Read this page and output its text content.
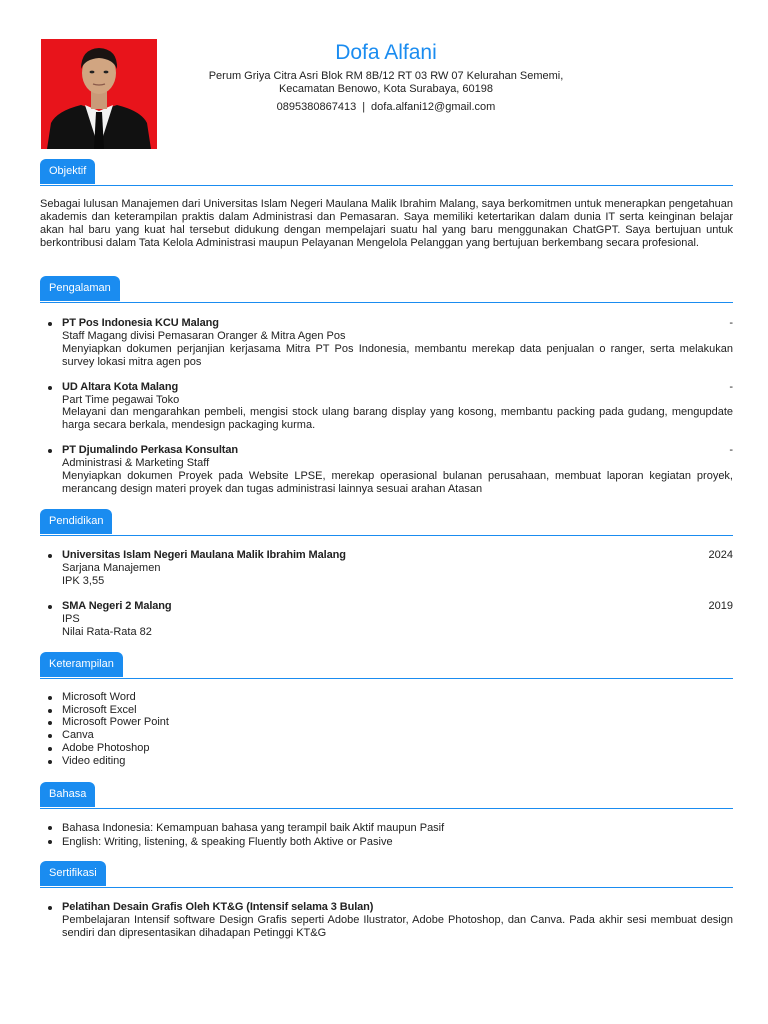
Dofa Alfani

Perum Griya Citra Asri Blok RM 8B/12 RT 03 RW 07 Kelurahan Sememi,

Kecamatan Benowo, Kota Surabaya, 60198

0895380867413 | dofa.alfani12@gmail.com
Objektif

Sebagai lulusan Manajemen dari Universitas Islam Negeri Maulana Malik Ibrahim Malang, saya berkomitmen untuk menerapkan pengetahuan akademis dan keterampilan praktis dalam Administrasi dan Pemasaran. Saya memiliki ketertarikan dalam dunia IT serta keinginan belajar akan hal baru yang kuat hal tersebut didukung dengan mempelajari suatu hal yang baru menggunakan ChatGPT. Saya bertujuan untuk berkontribusi dalam Tata Kelola Administrasi maupun Pelayanan Mengelola Pelanggan yang bertujuan berkembang secara profesional.

Pengalaman
PT Pos Indonesia KCU Malang	-
Staff Magang divisi Pemasaran Oranger & Mitra Agen Pos
Menyiapkan dokumen perjanjian kerjasama Mitra PT Pos Indonesia, membantu merekap data penjualan o ranger, serta melakukan survey lokasi mitra agen pos
UD Altara Kota Malang	-
Part Time pegawai Toko
Melayani dan mengarahkan pembeli, mengisi stock ulang barang display yang kosong, membantu packing pada gudang, mengupdate harga secara berkala, mendesign packaging kurma.
PT Djumalindo Perkasa Konsultan	-
Administrasi & Marketing Staff
Menyiapkan dokumen Proyek pada Website LPSE, merekap operasional bulanan perusahaan, membuat laporan kegiatan proyek, merancang design materi proyek dan tugas administrasi lainnya sesuai arahan Atasan
Pendidikan
Universitas Islam Negeri Maulana Malik Ibrahim Malang	2024
Sarjana Manajemen
IPK 3,55
SMA Negeri 2 Malang	2019
IPS
Nilai Rata-Rata 82
Keterampilan
Microsoft Word
Microsoft Excel
Microsoft Power Point
Canva
Adobe Photoshop
Video editing
Bahasa
Bahasa Indonesia: Kemampuan bahasa yang terampil baik Aktif maupun Pasif
English: Writing, listening, & speaking Fluently both Aktive or Pasive
Sertifikasi
Pelatihan Desain Grafis Oleh KT&G (Intensif selama 3 Bulan)
Pembelajaran Intensif software Design Grafis seperti Adobe Ilustrator, Adobe Photoshop, dan Canva. Pada akhir sesi membuat design sendiri dan dipresentasikan dihadapan Petinggi KT&G
